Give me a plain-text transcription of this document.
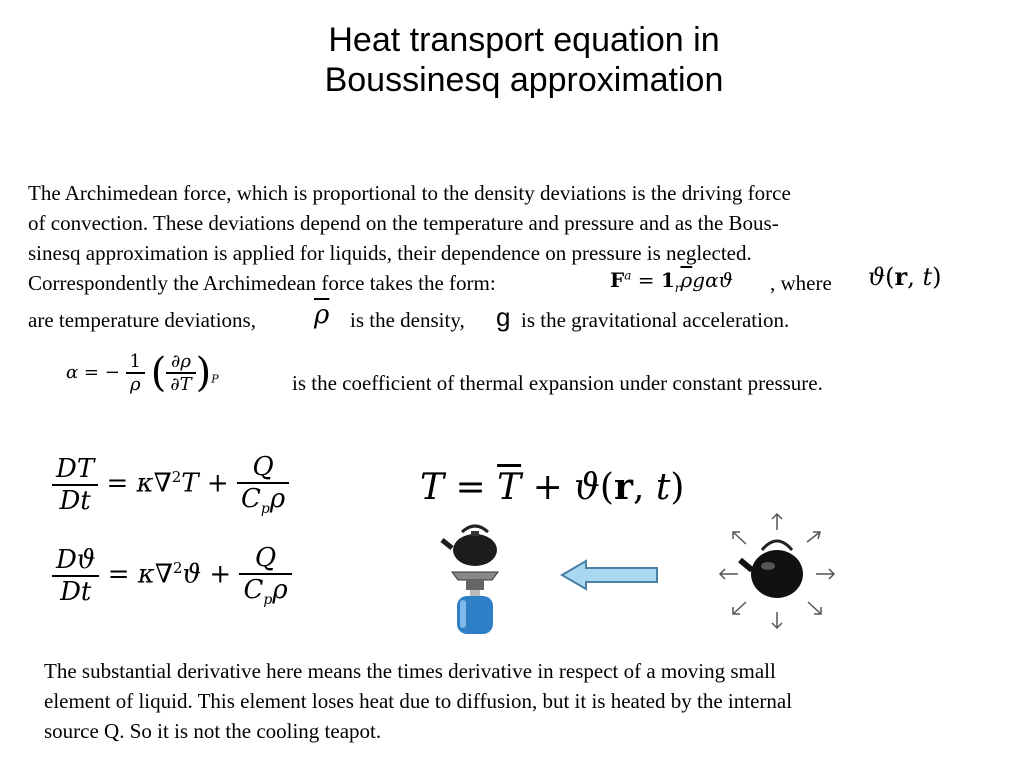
Heat transport equation in
Boussinesq approximation
The Archimedean force, which is proportional to the density deviations is the driving force
of convection. These deviations depend on the temperature and pressure and as the Bous-
sinesq approximation is applied for liquids, their dependence on pressure is neglected.
Correspondently the Archimedean force takes the form:	, where
are temperature deviations,	is the density, g is the gravitational acceleration.
$F^a = 1_r\overline{\rho}g\alpha ϑ$	ϑ(r, t)
$\overline{\rho}$
α = − $\frac{1}{\rho}$ ( $\frac{\partial\rho}{\partial T} )_P$	is the coefficient of thermal expansion under constant pressure.
$\frac{DT}{Dt} = \kappa\nabla^2T + \frac{Q}{C_p\rho}$
$\frac{Dϑ}{Dt} = \kappa\nabla^2ϑ + \frac{Q}{C_p\overline{\rho}}$
$T = \overline{T} + ϑ(r$, t)
The substantial derivative here means the times derivative in respect of a moving small
element of liquid. This element loses heat due to diffusion, but it is heated by the internal
source Q. So it is not the cooling teapot.
